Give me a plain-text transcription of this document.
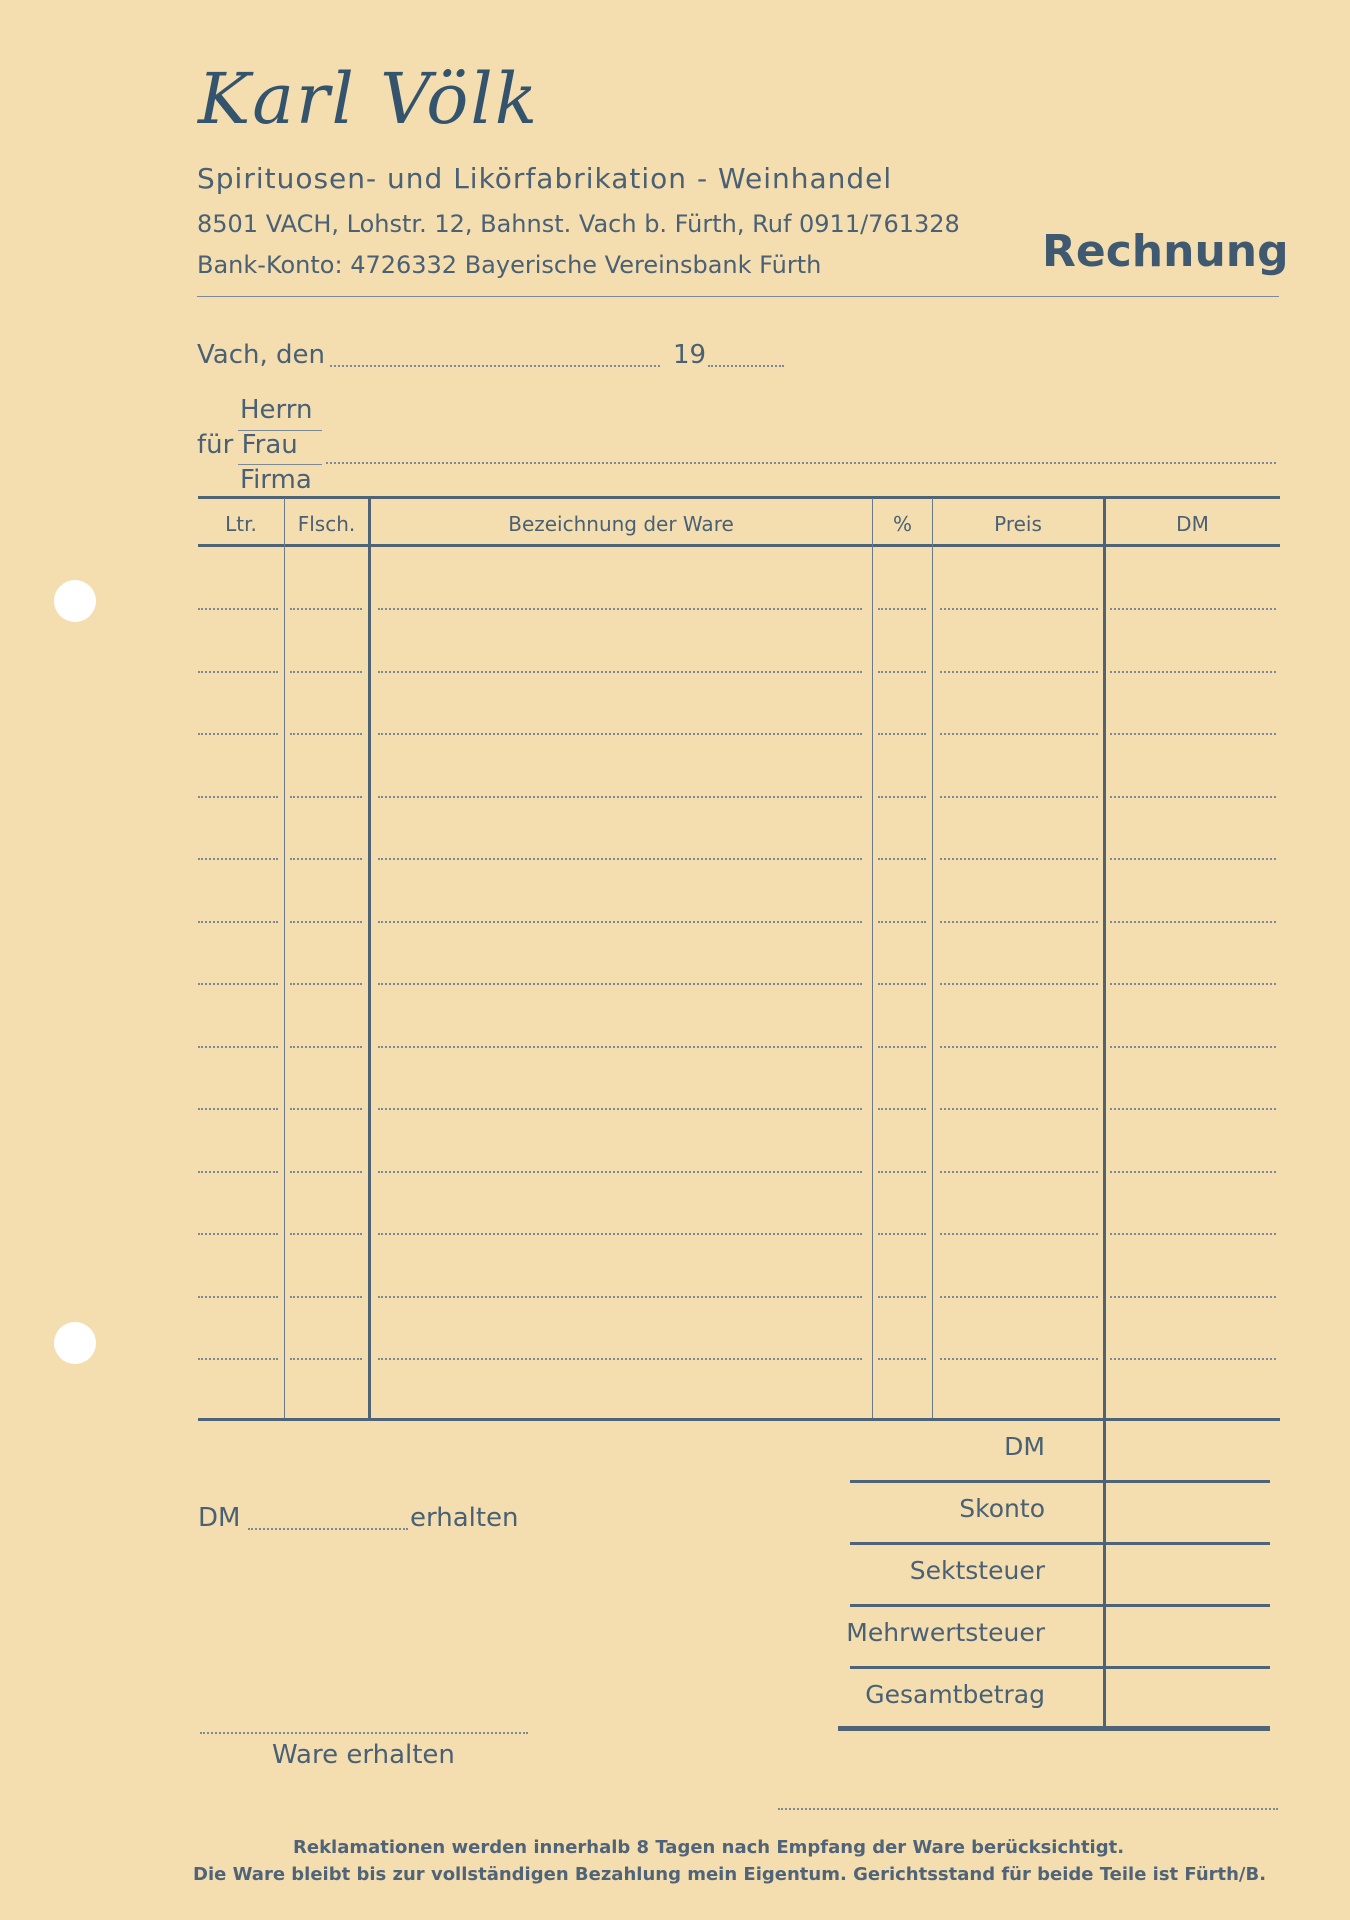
Karl Völk
Spirituosen- und Likörfabrikation - Weinhandel
8501 VACH, Lohstr. 12, Bahnst. Vach b. Fürth, Ruf 0911/761328
Bank-Konto: 4726332 Bayerische Vereinsbank Fürth	Rechnung
Vach, den	19
Herrn
für Frau
Firma
Ltr.	Flsch.	Bezeichnung der Ware	%	Preis	DM
DM	erhalten
Ware erhalten
DM
Skonto
Sektsteuer
Mehrwertsteuer
Gesamtbetrag
Reklamationen werden innerhalb 8 Tagen nach Empfang der Ware berücksichtigt.
Die Ware bleibt bis zur vollständigen Bezahlung mein Eigentum. Gerichtsstand für beide Teile ist Fürth/B.
